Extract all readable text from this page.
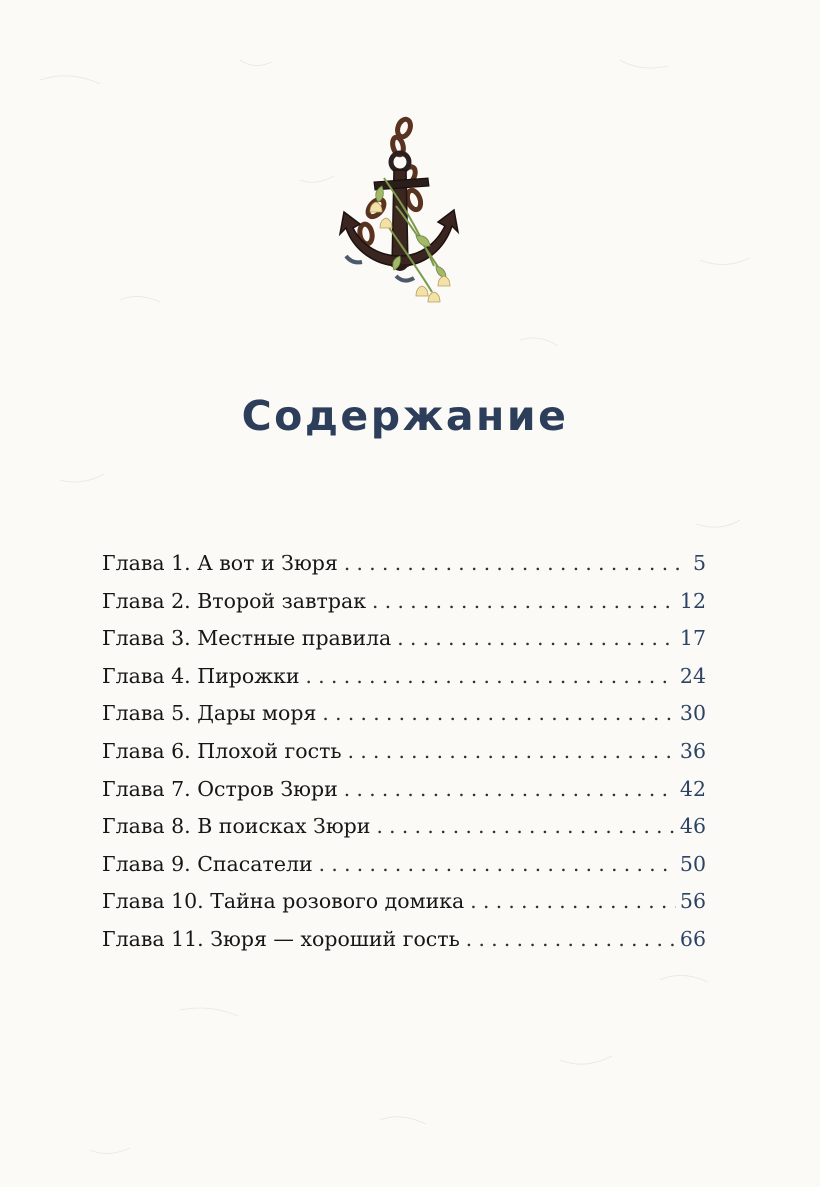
Содержание
Глава 1. А вот и Зюря . . .	5
Глава 2. Второй завтрак . . .	12
Глава 3. Местные правила . . .	17
Глава 4. Пирожки . . .	24
Глава 5. Дары моря . . .	30
Глава 6. Плохой гость . . .	36
Глава 7. Остров Зюри . . .	42
Глава 8. В поисках Зюри . . .	46
Глава 9. Спасатели . . .	50
Глава 10. Тайна розового домика . . .	56
Глава 11. Зюря — хороший гость . . .	66
